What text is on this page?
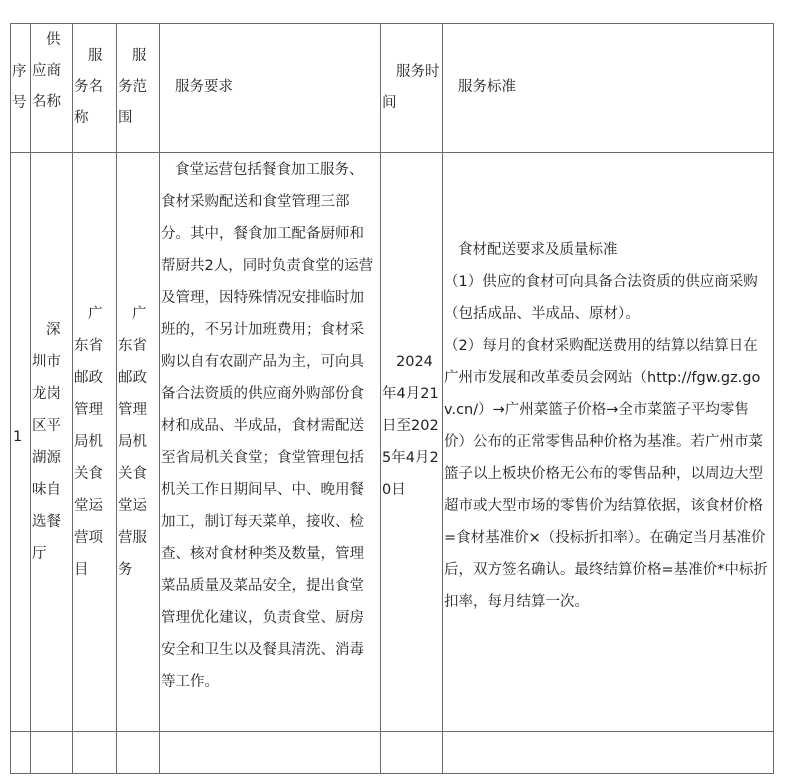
序号
供应商名称
服务名称
服务范围
服务要求
服务时间
服务标准
1
深圳市龙岗区平湖源味自选餐厅
广东省邮政管理局机关食堂运营项目
广东省邮政管理局机关食堂运营服务
食堂运营包括餐食加工服务、食材采购配送和食堂管理三部分。其中，餐食加工配备厨师和帮厨共2人，同时负责食堂的运营及管理，因特殊情况安排临时加班的，不另计加班费用；食材采购以自有农副产品为主，可向具备合法资质的供应商外购部份食材和成品、半成品，食材需配送至省局机关食堂；食堂管理包括机关工作日期间早、中、晚用餐加工，制订每天菜单，接收、检查、核对食材种类及数量，管理菜品质量及菜品安全，提出食堂管理优化建议，负责食堂、厨房安全和卫生以及餐具清洗、消毒等工作。
2024年4月21日至2025年4月20日
食材配送要求及质量标准
（1）供应的食材可向具备合法资质的供应商采购（包括成品、半成品、原材）。
（2）每月的食材采购配送费用的结算以结算日在广州市发展和改革委员会网站（http://fgw.gz.gov.cn/）→广州菜篮子价格→全市菜篮子平均零售价）公布的正常零售品种价格为基准。若广州市菜篮子以上板块价格无公布的零售品种，以周边大型超市或大型市场的零售价为结算依据，该食材价格=食材基准价×（投标折扣率）。在确定当月基准价后，双方签名确认。最终结算价格=基准价*中标折扣率，每月结算一次。
